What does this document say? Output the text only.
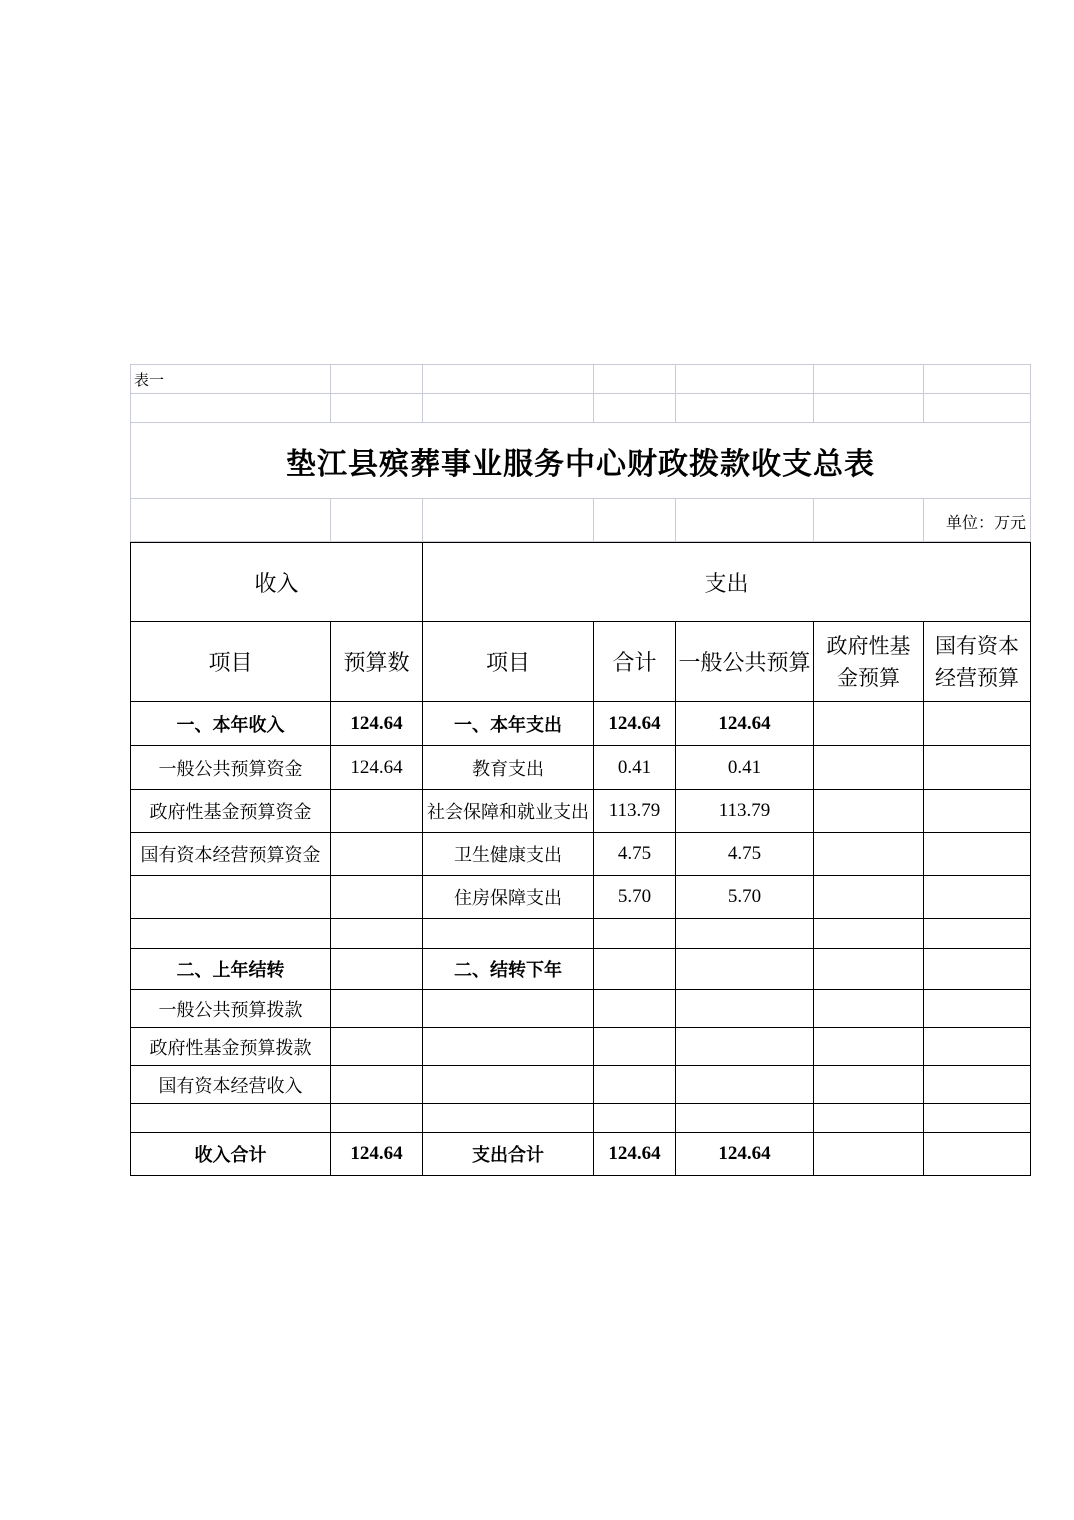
表一						

垫江县殡葬事业服务中心财政拨款收支总表						
						单位：万元
收入		支出				
项目	预算数	项目	合计	一般公共预算	政府性基金预算	国有资本经营预算
一、本年收入	124.64	一、本年支出	124.64	124.64		
一般公共预算资金	124.64	教育支出	0.41	0.41		
政府性基金预算资金		社会保障和就业支出	113.79	113.79		
国有资本经营预算资金		卫生健康支出	4.75	4.75		
		住房保障支出	5.70	5.70		

二、上年结转		二、结转下年				
一般公共预算拨款						
政府性基金预算拨款						
国有资本经营收入						

收入合计	124.64	支出合计	124.64	124.64		
